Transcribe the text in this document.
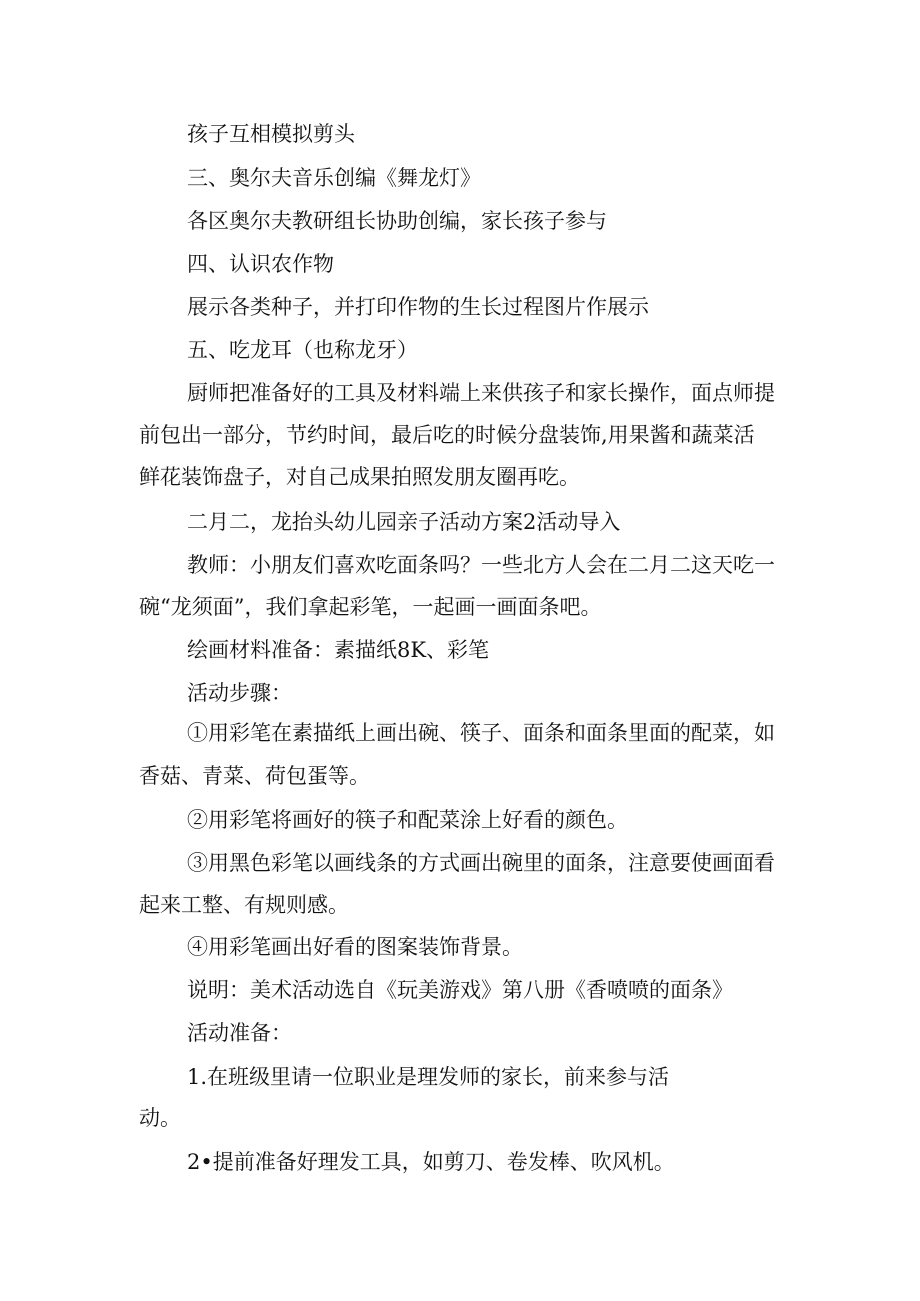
孩子互相模拟剪头
三、奥尔夫音乐创编《舞龙灯》
各区奥尔夫教研组长协助创编，家长孩子参与
四、认识农作物
展示各类种子，并打印作物的生长过程图片作展示
五、吃龙耳（也称龙牙）
厨师把准备好的工具及材料端上来供孩子和家长操作，面点师提
前包出一部分，节约时间，最后吃的时候分盘装饰,用果酱和蔬菜活
鲜花装饰盘子，对自己成果拍照发朋友圈再吃。
二月二，龙抬头幼儿园亲子活动方案2活动导入
教师：小朋友们喜欢吃面条吗？一些北方人会在二月二这天吃一
碗“龙须面”，我们拿起彩笔，一起画一画面条吧。
绘画材料准备：素描纸8K、彩笔
活动步骤：
①用彩笔在素描纸上画出碗、筷子、面条和面条里面的配菜，如
香菇、青菜、荷包蛋等。
②用彩笔将画好的筷子和配菜涂上好看的颜色。
③用黑色彩笔以画线条的方式画出碗里的面条，注意要使画面看
起来工整、有规则感。
④用彩笔画出好看的图案装饰背景。
说明：美术活动选自《玩美游戏》第八册《香喷喷的面条》
活动准备：
1.在班级里请一位职业是理发师的家长，前来参与活
动。
2•提前准备好理发工具，如剪刀、卷发棒、吹风机。
